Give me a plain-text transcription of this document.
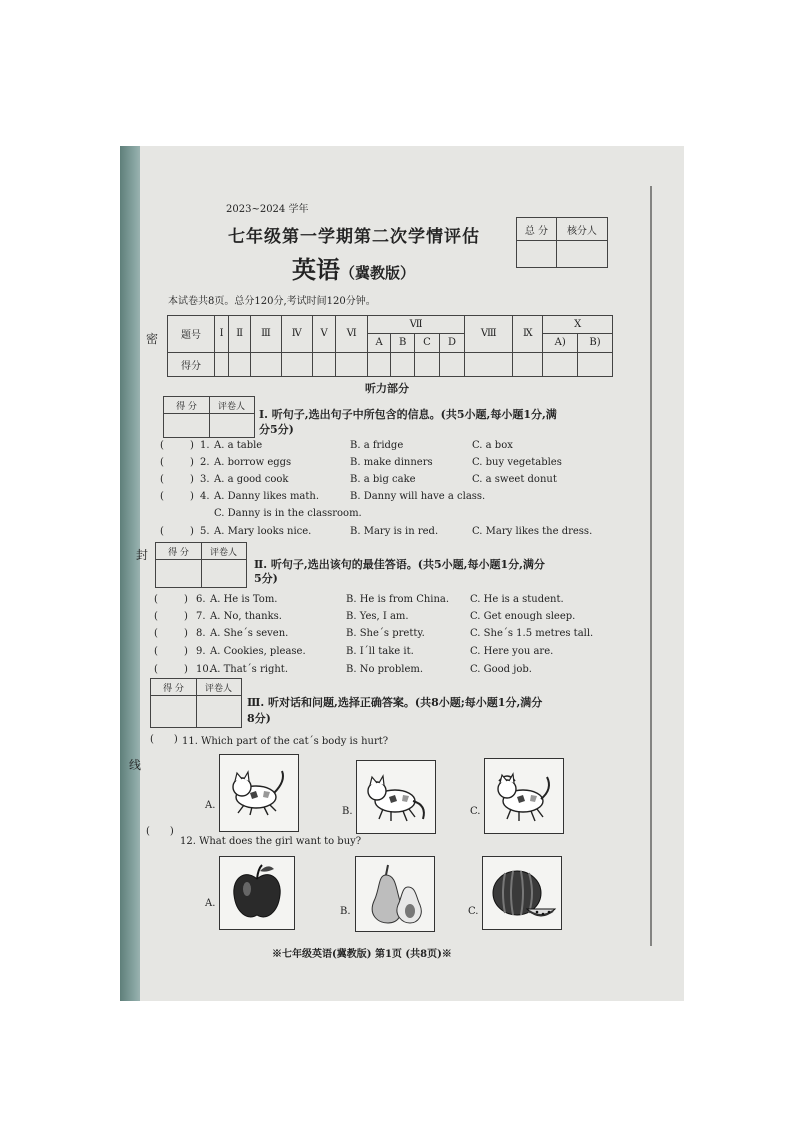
2023~2024 学年
七年级第一学期第二次学情评估
英语（冀教版）
本试卷共8页。总分120分,考试时间120分钟。
总 分	核分人

题号	I	Ⅱ	Ⅲ	Ⅳ	V	Ⅵ	Ⅶ				Ⅷ	Ⅸ	X	
							A	B	C	D			A)	B)
得分														
密
封
线
听力部分
得 分	评卷人
Ⅰ. 听句子,选出句子中所包含的信息。(共5小题,每小题1分,满
分5分)
(	) 1. A. a table	B. a fridge	C. a box
(	) 2. A. borrow eggs	B. make dinners	C. buy vegetables
(	) 3. A. a good cook	B. a big cake	C. a sweet donut
(	) 4. A. Danny likes math.	B. Danny will have a class.
C. Danny is in the classroom.
(	) 5. A. Mary looks nice.	B. Mary is in red.	C. Mary likes the dress.
得 分	评卷人
Ⅱ. 听句子,选出该句的最佳答语。(共5小题,每小题1分,满分
5分)
(	) 6. A. He is Tom.	B. He is from China. C. He is a student.
(	) 7. A. No, thanks.	B. Yes, I am.	C. Get enough sleep.
(	) 8. A. She´s seven.	B. She´s pretty.	C. She´s 1.5 metres tall.
(	) 9. A. Cookies, please.	B. I´ll take it.	C. Here you are.
(	) 10.
A. That´s right.	B. No problem.	C. Good job.
得 分	评卷人
Ⅲ. 听对话和问题,选择正确答案。(共8小题;每小题1分,满分
8分)
( ) 11. Which part of the cat´s body is hurt?
A.
B.	C.
( )
12. What does the girl want to buy?
A.
B.	C.
※七年级英语(冀教版) 第1页 (共8页)※
